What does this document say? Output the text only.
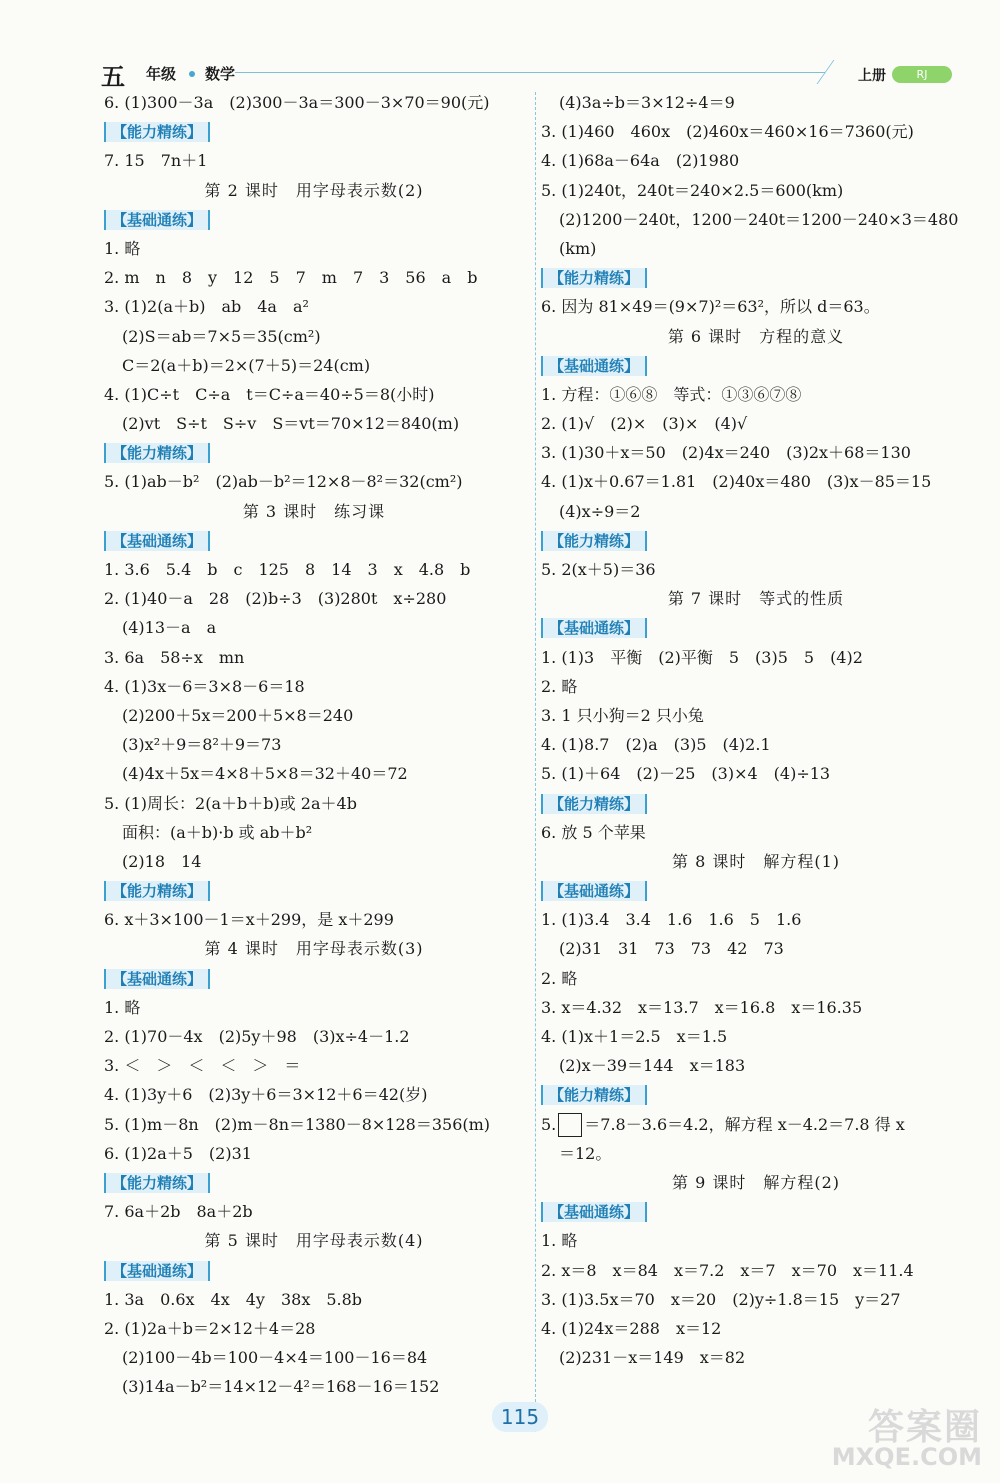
五	年级 数学	上册	RJ
6. (1)300－3a　(2)300－3a＝300－3×70＝90(元)
【能力精练】
7. 15　7n＋1
第 2 课时　用字母表示数(2)
【基础通练】
1. 略
2. m　n　8　y　12　5　7　m　7　3　56　a　b
3. (1)2(a＋b)　ab　4a　a²
(2)S＝ab＝7×5＝35(cm²)
C＝2(a＋b)＝2×(7＋5)＝24(cm)
4. (1)C÷t　C÷a　t＝C÷a＝40÷5＝8(小时)
(2)vt　S÷t　S÷v　S＝vt＝70×12＝840(m)
【能力精练】
5. (1)ab－b²　(2)ab－b²＝12×8－8²＝32(cm²)
第 3 课时　练习课
【基础通练】
1. 3.6　5.4　b　c　125　8　14　3　x　4.8　b
2. (1)40－a　28　(2)b÷3　(3)280t　x÷280
(4)13－a　a
3. 6a　58÷x　mn
4. (1)3x－6＝3×8－6＝18
(2)200＋5x＝200＋5×8＝240
(3)x²＋9＝8²＋9＝73
(4)4x＋5x＝4×8＋5×8＝32＋40＝72
5. (1)周长：2(a＋b＋b)或 2a＋4b
面积：(a＋b)·b 或 ab＋b²
(2)18　14
【能力精练】
6. x＋3×100－1＝x＋299，是 x＋299
第 4 课时　用字母表示数(3)
【基础通练】
1. 略
2. (1)70－4x　(2)5y＋98　(3)x÷4－1.2
3. ＜　＞　＜　＜　＞　＝
4. (1)3y＋6　(2)3y＋6＝3×12＋6＝42(岁)
5. (1)m－8n　(2)m－8n＝1380－8×128＝356(m)
6. (1)2a＋5　(2)31
【能力精练】
7. 6a＋2b　8a＋2b
第 5 课时　用字母表示数(4)
【基础通练】
1. 3a　0.6x　4x　4y　38x　5.8b
2. (1)2a＋b＝2×12＋4＝28
(2)100－4b＝100－4×4＝100－16＝84
(3)14a－b²＝14×12－4²＝168－16＝152
(4)3a÷b＝3×12÷4＝9
3. (1)460　460x　(2)460x＝460×16＝7360(元)
4. (1)68a－64a　(2)1980
5. (1)240t，240t＝240×2.5＝600(km)
(2)1200－240t，1200－240t＝1200－240×3＝480
(km)
【能力精练】
6. 因为 81×49＝(9×7)²＝63²，所以 d＝63。
第 6 课时　方程的意义
【基础通练】
1. 方程：①⑥⑧　等式：①③⑥⑦⑧
2. (1)√　(2)×　(3)×　(4)√
3. (1)30＋x＝50　(2)4x＝240　(3)2x＋68＝130
4. (1)x＋0.67＝1.81　(2)40x＝480　(3)x－85＝15
(4)x÷9＝2
【能力精练】
5. 2(x＋5)＝36
第 7 课时　等式的性质
【基础通练】
1. (1)3　平衡　(2)平衡　5　(3)5　5　(4)2
2. 略
3. 1 只小狗＝2 只小兔
4. (1)8.7　(2)a　(3)5　(4)2.1
5. (1)＋64　(2)－25　(3)×4　(4)÷13
【能力精练】
6. 放 5 个苹果
第 8 课时　解方程(1)
【基础通练】
1. (1)3.4　3.4　1.6　1.6　5　1.6
(2)31　31　73　73　42　73
2. 略
3. x＝4.32　x＝13.7　x＝16.8　x＝16.35
4. (1)x＋1＝2.5　x＝1.5
(2)x－39＝144　x＝183
【能力精练】
5. ＝7.8－3.6＝4.2，解方程 x－4.2＝7.8 得 x
＝12。
第 9 课时　解方程(2)
【基础通练】
1. 略
2. x＝8　x＝84　x＝7.2　x＝7　x＝70　x＝11.4
3. (1)3.5x＝70　x＝20　(2)y÷1.8＝15　y＝27
4. (1)24x＝288　x＝12
(2)231－x＝149　x＝82
115	答案圈
MXQE.COM
